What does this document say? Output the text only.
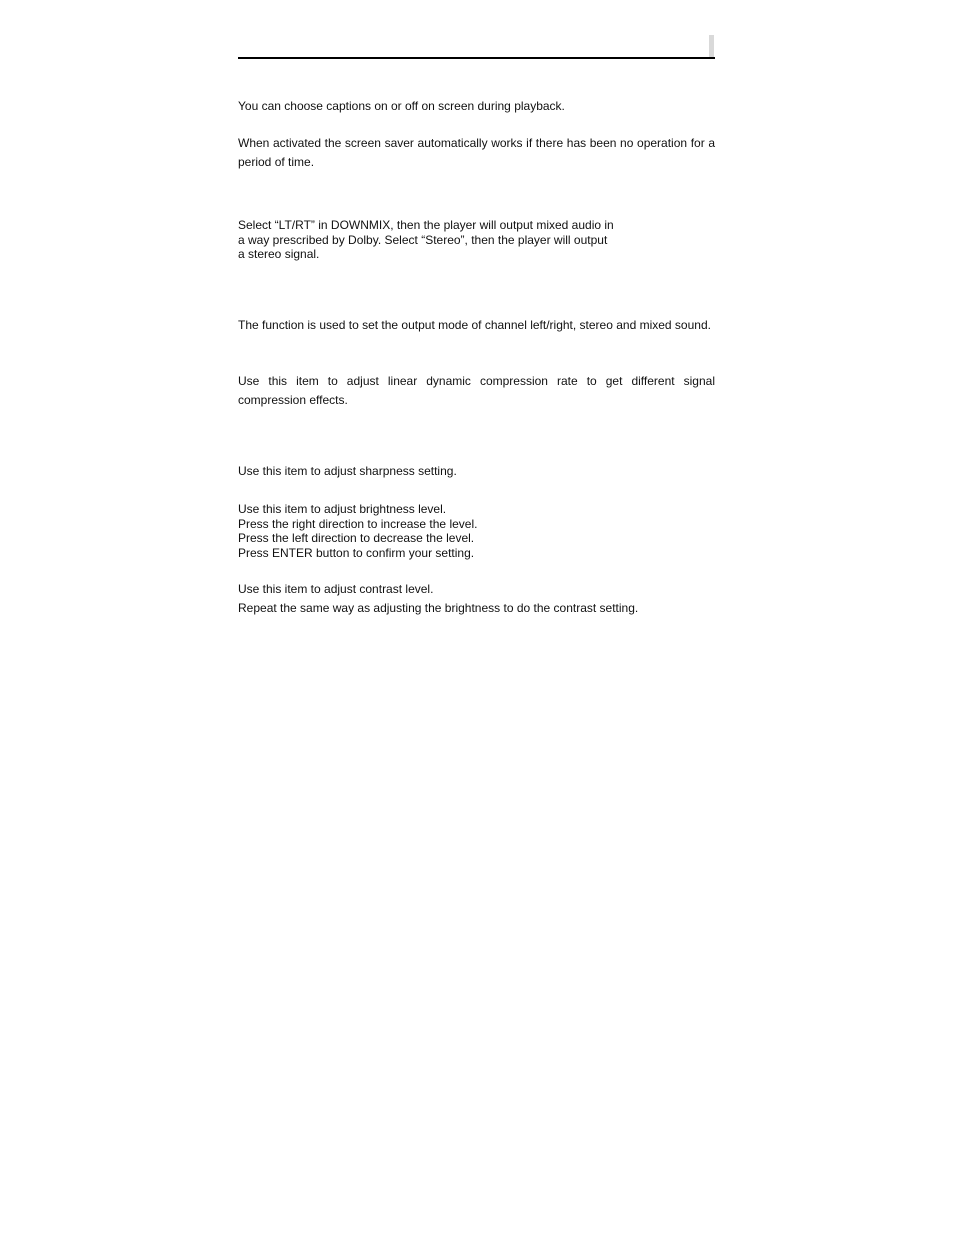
You can choose captions on or off on screen during playback.

When activated the screen saver automatically works if there has been no operation for a period of time.

Select “LT/RT” in DOWNMIX, then the player will output mixed audio in
a way prescribed by Dolby. Select “Stereo”, then the player will output
a stereo signal.

The function is used to set the output mode of channel left/right, stereo and mixed sound.

Use this item to adjust linear dynamic compression rate to get different signal compression effects.

Use this item to adjust sharpness setting.

Use this item to adjust brightness level.
Press the right direction to increase the level.
Press the left direction to decrease the level.
Press ENTER button to confirm your setting.
Use this item to adjust contrast level.
Repeat the same way as adjusting the brightness to do the contrast setting.
